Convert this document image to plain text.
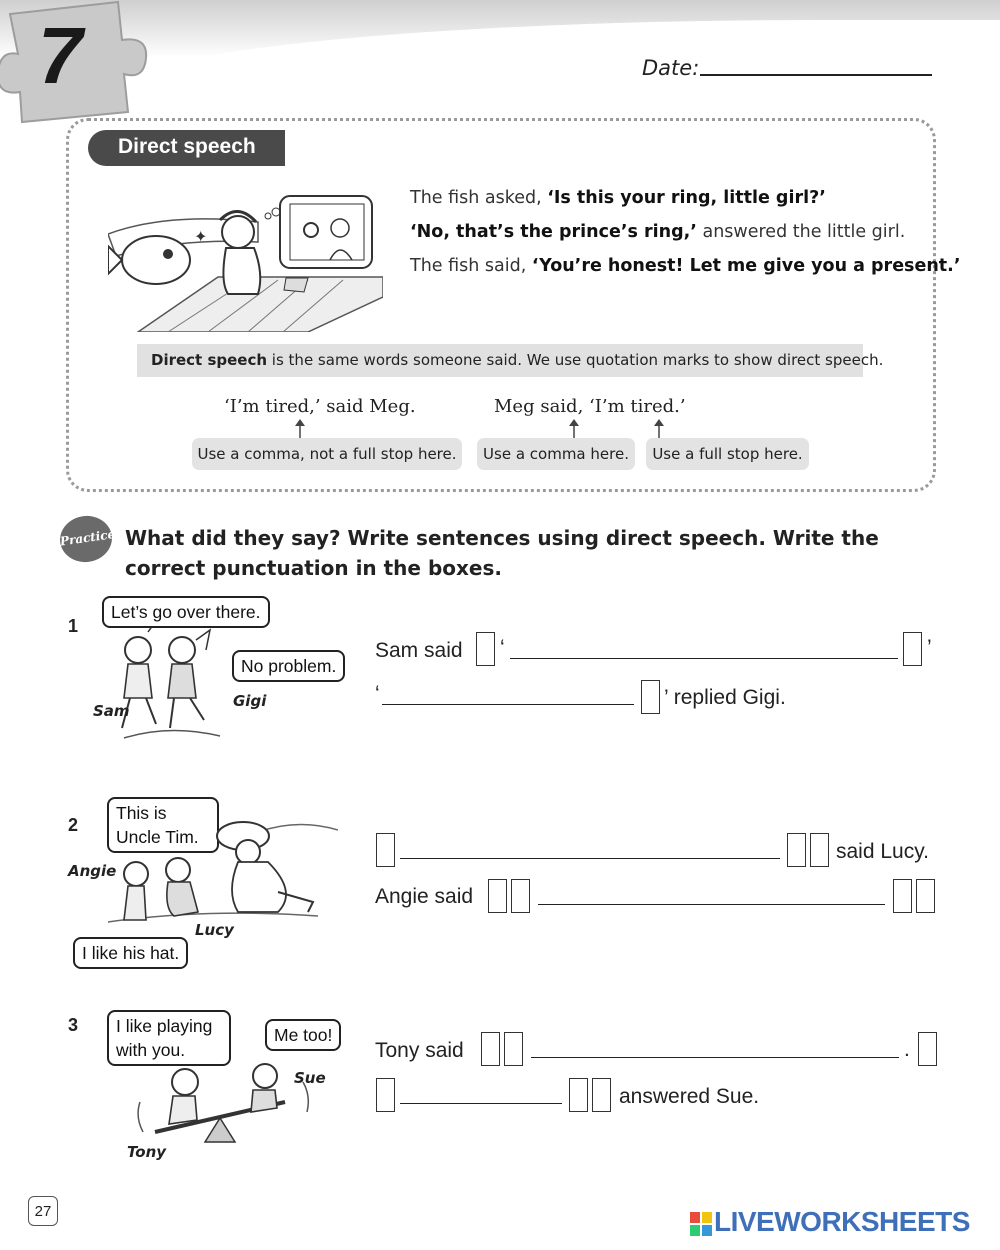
7	Date:
Direct speech
✦
The fish asked, ‘Is this your ring, little girl?’
‘No, that’s the prince’s ring,’ answered the little girl.
The fish said, ‘You’re honest! Let me give you a present.’
Direct speech is the same words someone said. We use quotation marks to show direct speech.
‘I’m tired,’ said Meg.	Meg said, ‘I’m tired.’
Use a comma, not a full stop here.	Use a comma here.	Use a full stop here.
Practice What did they say? Write sentences using direct speech. Write the correct punctuation in the boxes.
1
Let’s go over there.
No problem.
Sam
Gigi
Sam said ‘	’
‘	’ replied Gigi.
2
This is Uncle Tim.
I like his hat.
Angie
Lucy
said Lucy.
Angie said
3	I like playing with you.
Me too!
Sue
Tony
Tony said	.
answered Sue.
27	LIVEWORKSHEETS
